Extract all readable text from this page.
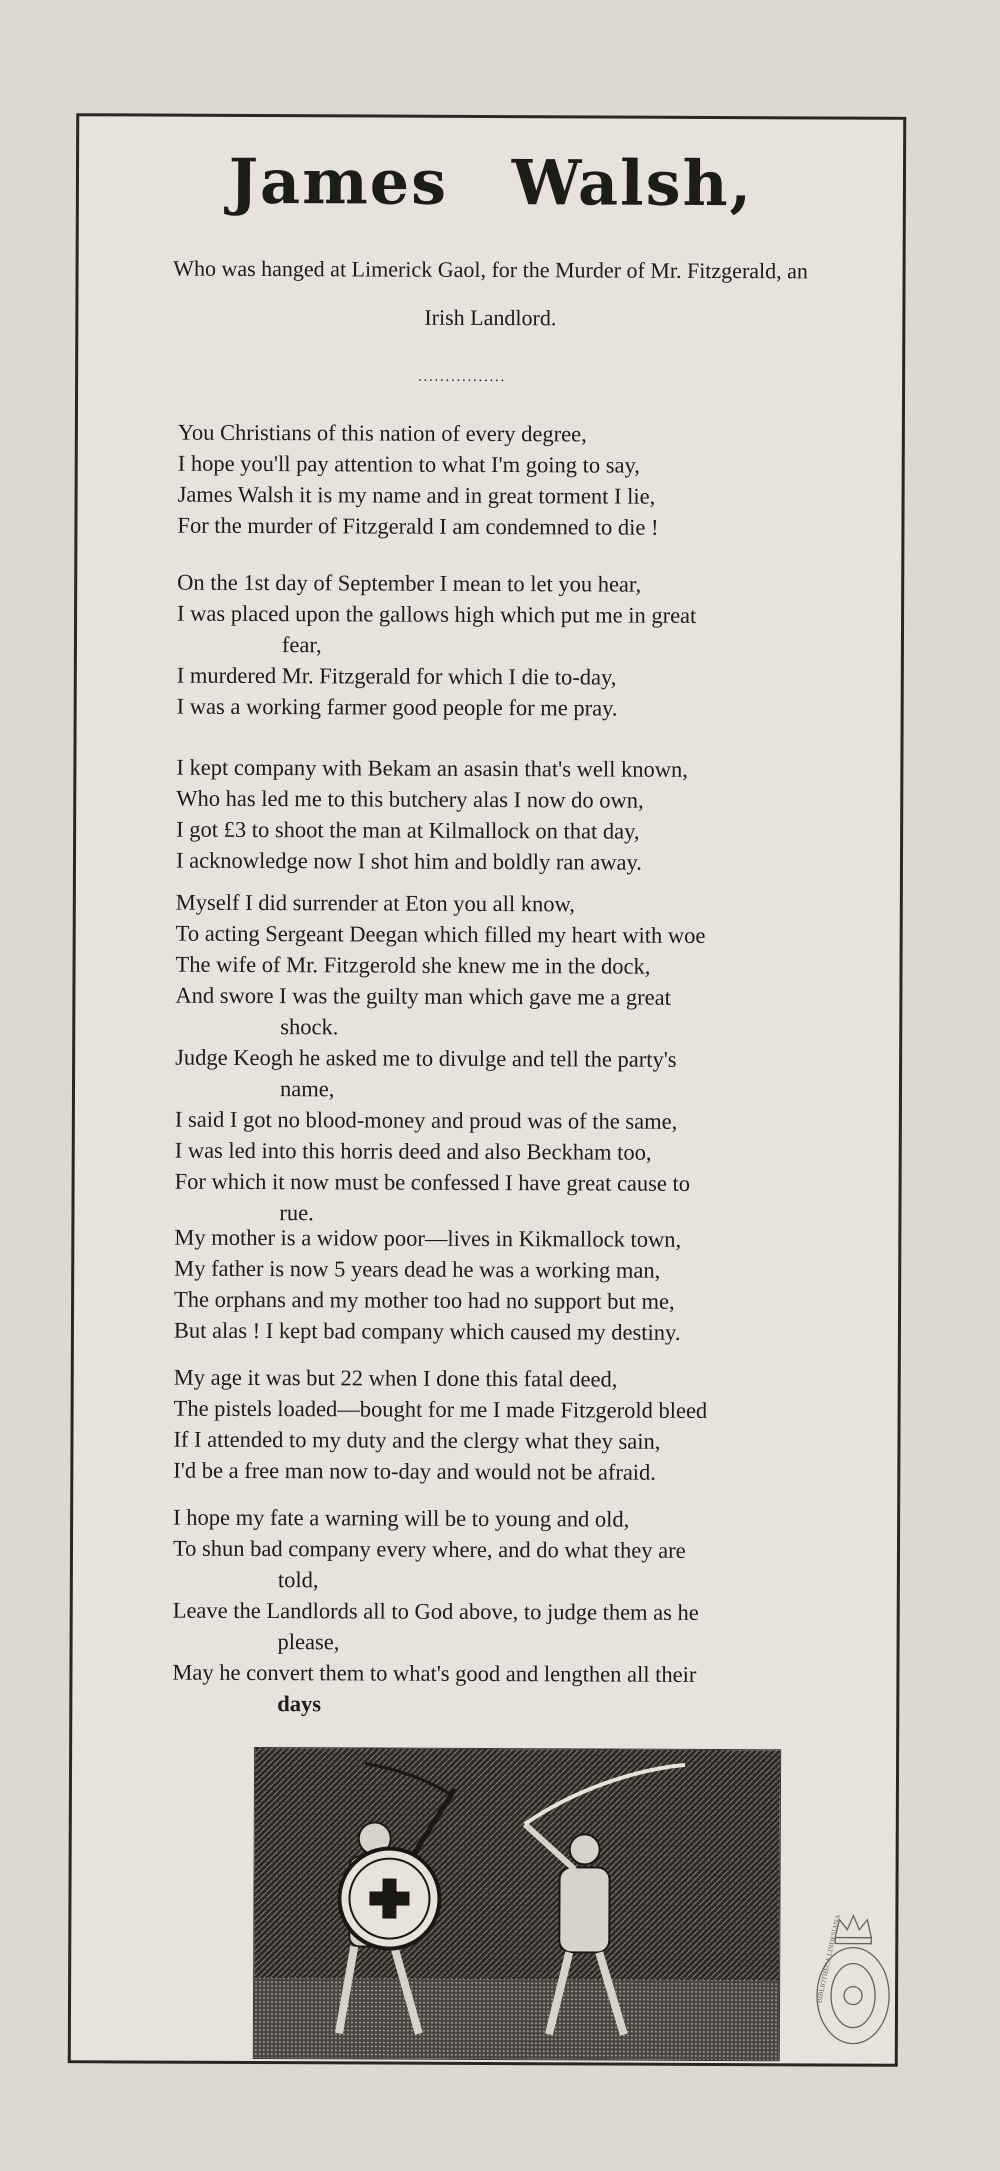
James Walsh,
Who was hanged at Limerick Gaol, for the Murder of Mr. Fitzgerald, an Irish Landlord.
................
You Christians of this nation of every degree,
I hope you'll pay attention to what I'm going to say,
James Walsh it is my name and in great torment I lie,
For the murder of Fitzgerald I am condemned to die !
On the 1st day of September I mean to let you hear,
I was placed upon the gallows high which put me in great
fear,
I murdered Mr. Fitzgerald for which I die to-day,
I was a working farmer good people for me pray.
I kept company with Bekam an asasin that's well known,
Who has led me to this butchery alas I now do own,
I got £3 to shoot the man at Kilmallock on that day,
I acknowledge now I shot him and boldly ran away.
Myself I did surrender at Eton you all know,
To acting Sergeant Deegan which filled my heart with woe
The wife of Mr. Fitzgerold she knew me in the dock,
And swore I was the guilty man which gave me a great
shock.
Judge Keogh he asked me to divulge and tell the party's
name,
I said I got no blood-money and proud was of the same,
I was led into this horris deed and also Beckham too,
For which it now must be confessed I have great cause to
rue.
My mother is a widow poor—lives in Kikmallock town,
My father is now 5 years dead he was a working man,
The orphans and my mother too had no support but me,
But alas ! I kept bad company which caused my destiny.
My age it was but 22 when I done this fatal deed,
The pistels loaded—bought for me I made Fitzgerold bleed
If I attended to my duty and the clergy what they sain,
I'd be a free man now to-day and would not be afraid.
I hope my fate a warning will be to young and old,
To shun bad company every where, and do what they are
told,
Leave the Landlords all to God above, to judge them as he
please,
May he convert them to what's good and lengthen all their
days
BIBLIOTHECA LINDESIANA
